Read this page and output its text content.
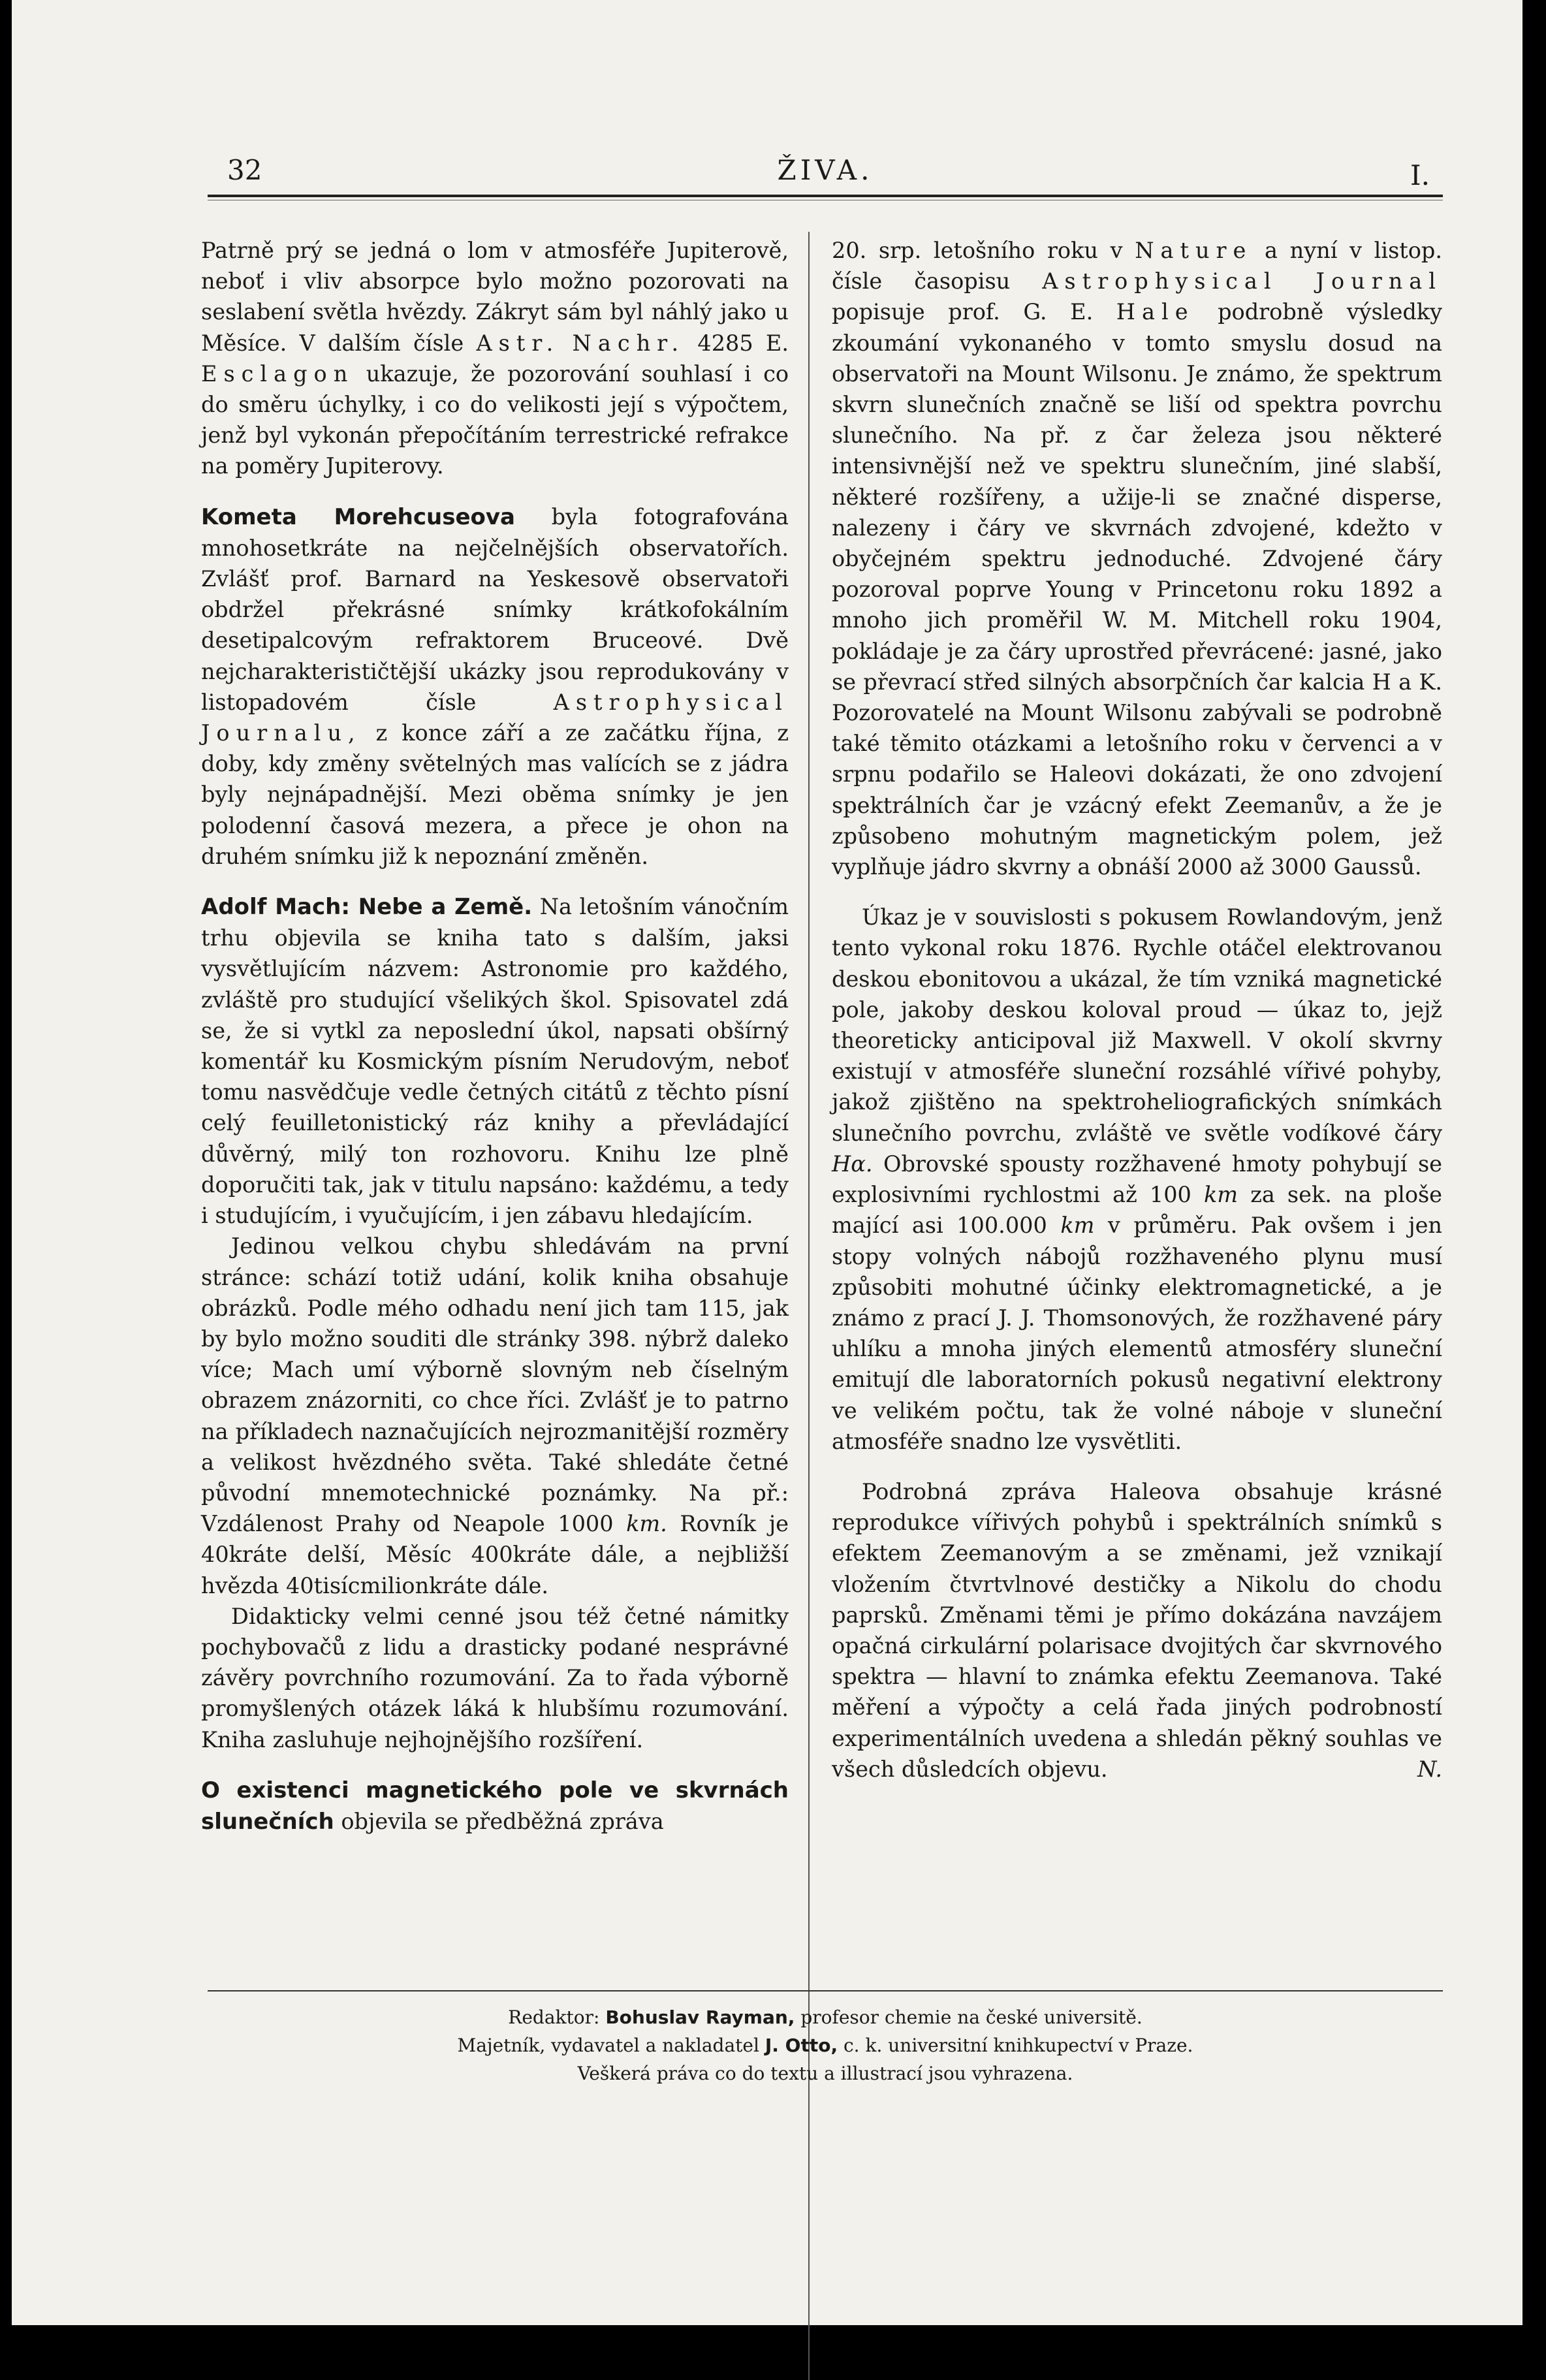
32	ŽIVA.	I.

Patrně prý se jedná o lom v atmosféře Jupiterově, neboť i vliv absorpce bylo možno pozorovati na seslabení světla hvězdy. Zákryt sám byl náhlý jako u Měsíce. V dalším čísle Astr. Nachr. 4285 E. Esclagon ukazuje, že pozorování souhlasí i co do směru úchylky, i co do velikosti její s výpočtem, jenž byl vykonán přepočítáním terrestrické refrakce na poměry Jupiterovy.

Kometa Morehcuseova byla fotografována mnohosetkráte na nejčelnějších observatořích. Zvlášť prof. Barnard na Yeskesově observatoři obdržel překrásné snímky krátkofokálním desetipalcovým refraktorem Bruceové. Dvě nejcharakterističtější ukázky jsou reprodukovány v listopadovém čísle	Astrophysical Journalu, z konce září a ze začátku října, z doby, kdy změny světelných mas valících se z jádra byly nejnápadnější. Mezi oběma snímky je jen polodenní časová mezera, a přece je ohon na druhém snímku již k nepoznání změněn.

Adolf Mach: Nebe a Země. Na letošním vánočním trhu objevila se kniha tato s dalším, jaksi vysvětlujícím názvem: Astronomie pro každého, zvláště pro studující všelikých škol. Spisovatel zdá se, že si vytkl za neposlední úkol, napsati obšírný komentář ku Kosmickým písním Nerudovým, neboť tomu nasvědčuje vedle četných citátů z těchto písní celý feuilletonistický ráz knihy a převládající důvěrný, milý ton rozhovoru. Knihu lze plně doporučiti tak, jak v titulu napsáno: každému, a tedy i studujícím, i vyučujícím, i jen zábavu hledajícím.

Jedinou velkou chybu shledávám na první stránce: schází totiž udání, kolik kniha obsahuje obrázků. Podle mého odhadu není jich tam 115, jak by bylo možno souditi dle stránky 398. nýbrž daleko více; Mach umí výborně slovným neb číselným obrazem znázorniti, co chce říci. Zvlášť je to patrno na příkladech naznačujících nejrozmanitější rozměry a velikost hvězdného světa. Také shledáte četné původní mnemotechnické poznámky. Na př.: Vzdálenost Prahy od Neapole 1000 km. Rovník je 40kráte delší, Měsíc 400kráte dále, a nejbližší hvězda 40tisícmilionkráte dále.

Didakticky velmi cenné jsou též četné námitky pochybovačů z lidu a drasticky podané nesprávné závěry povrchního rozumování. Za to řada výborně promyšlených otázek láká k hlubšímu rozumování. Kniha zasluhuje nejhojnějšího rozšíření.

O existenci magnetického pole ve skvrnách slunečních objevila se předběžná zpráva

20. srp. letošního roku v Nature a nyní v listop. čísle časopisu Astrophysical Journal popisuje prof. G. E. Hale podrobně výsledky zkoumání vykonaného v tomto smyslu dosud na observatoři na Mount Wilsonu. Je známo, že spektrum skvrn slunečních značně se liší od spektra povrchu slunečního. Na př. z čar železa jsou některé intensivnější než ve spektru slunečním, jiné slabší, některé rozšířeny, a užije-li se značné disperse, nalezeny i čáry ve skvrnách zdvojené, kdežto v obyčejném spektru jednoduché. Zdvojené čáry pozoroval poprve Young v Princetonu roku 1892 a mnoho jich proměřil W. M. Mitchell roku 1904, pokládaje je za čáry uprostřed převrácené: jasné, jako se převrací střed silných absorpčních čar kalcia H a K. Pozorovatelé na Mount Wilsonu zabývali se podrobně také těmito otázkami a letošního roku v červenci a v srpnu podařilo se Haleovi dokázati, že ono zdvojení spektrálních čar je vzácný efekt Zeemanův, a že je způsobeno mohutným magnetickým polem, jež vyplňuje jádro skvrny a obnáší 2000 až 3000 Gaussů.

Úkaz je v souvislosti s pokusem Rowlandovým, jenž tento vykonal roku 1876. Rychle otáčel elektrovanou deskou ebonitovou a ukázal, že tím vzniká magnetické pole, jakoby deskou koloval proud — úkaz to, jejž theoreticky anticipoval již Maxwell. V okolí skvrny existují v atmosféře sluneční rozsáhlé vířivé pohyby, jakož zjištěno na spektroheliografických snímkách slunečního povrchu, zvláště ve světle vodíkové čáry Hα. Obrovské spousty rozžhavené hmoty pohybují se explosivními rychlostmi až 100 km za sek. na ploše mající asi 100.000 km v průměru. Pak ovšem i jen stopy volných nábojů rozžhaveného plynu musí způsobiti mohutné účinky elektromagnetické, a je známo z prací J. J. Thomsonových, že rozžhavené páry uhlíku a mnoha jiných elementů atmosféry sluneční emitují dle laboratorních pokusů negativní elektrony ve velikém počtu, tak že volné náboje v sluneční atmosféře snadno lze vysvětliti.

Podrobná zpráva Haleova obsahuje krásné reprodukce vířivých pohybů i spektrálních snímků s efektem Zeemanovým a se změnami, jež vznikají vložením čtvrtvlnové destičky a Nikolu do chodu paprsků. Změnami těmi je přímo dokázána navzájem opačná cirkulární polarisace dvojitých čar skvrnového spektra — hlavní to známka efektu Zeemanova. Také měření a výpočty a celá řada jiných podrobností experimentálních uvedena a shledán pěkný souhlas ve všech důsledcích objevu.	N.

Redaktor: Bohuslav Rayman, profesor chemie na české universitě.
Majetník, vydavatel a nakladatel J. Otto, c. k. universitní knihkupectví v Praze.
Veškerá práva co do textu a illustrací jsou vyhrazena.
